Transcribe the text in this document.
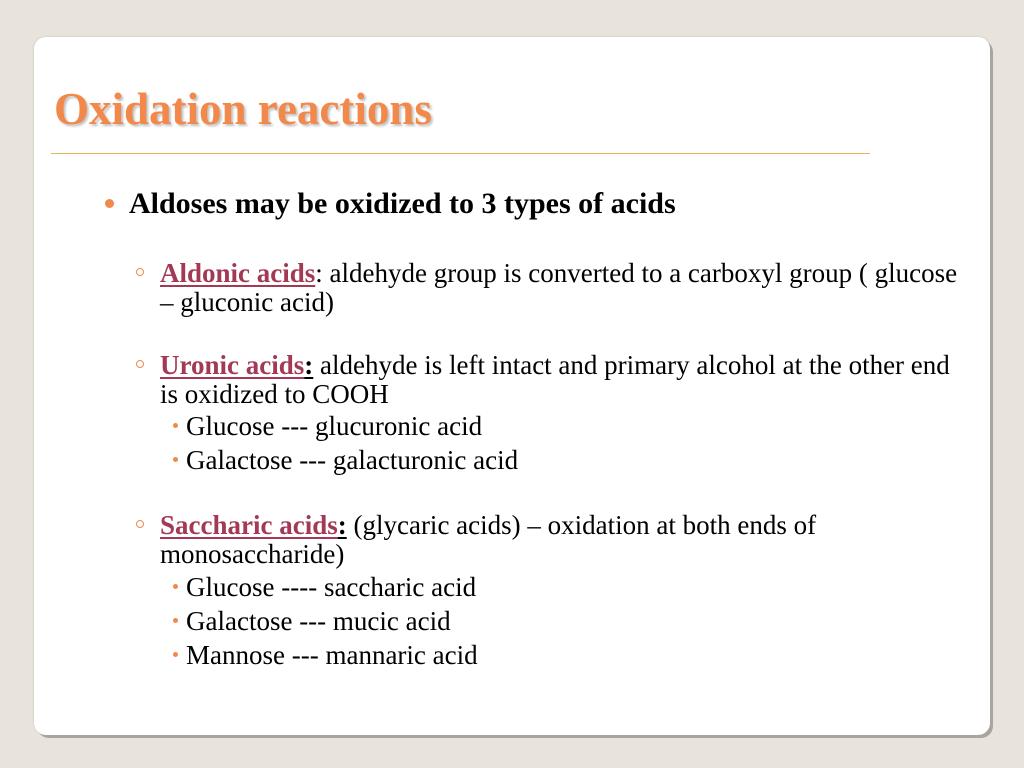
Oxidation reactions
Aldoses may be oxidized to 3 types of acids
Aldonic acids: aldehyde group is converted to a carboxyl group ( glucose – gluconic acid)
Uronic acids: aldehyde is left intact and primary alcohol at the other end is oxidized to COOH
Glucose --- glucuronic acid
Galactose --- galacturonic acid
Saccharic acids: (glycaric acids) – oxidation at both ends of monosaccharide)
Glucose ---- saccharic acid
Galactose --- mucic acid
Mannose --- mannaric acid
